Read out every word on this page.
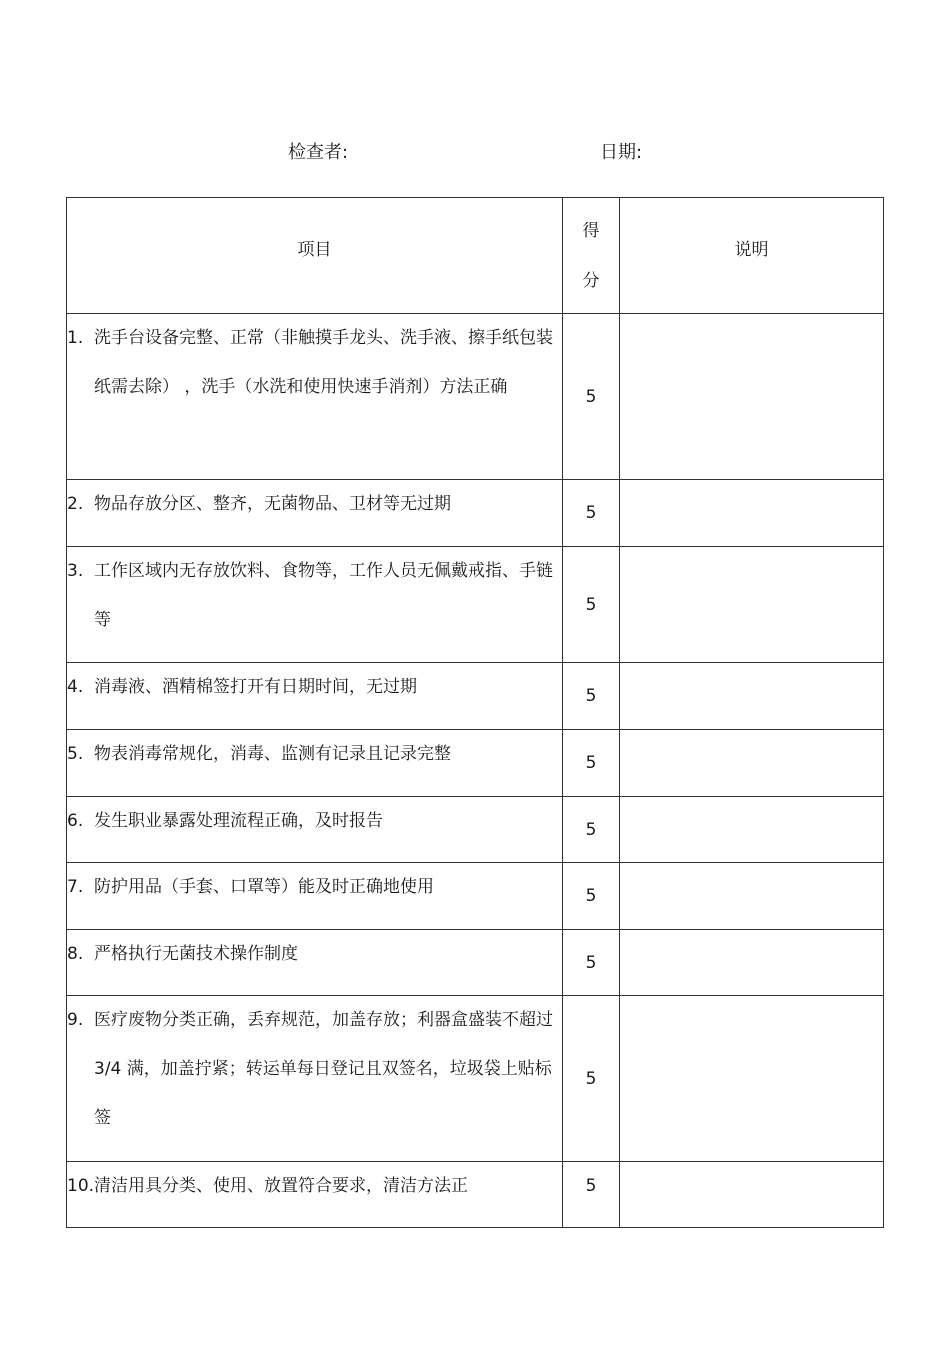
检查者:	日期:
项目	得分	说明

1. 洗手台设备完整、正常（非触摸手龙头、洗手液、擦手纸包装纸需去除） ，洗手（水洗和使用快速手消剂）方法正确	5	

2. 物品存放分区、整齐，无菌物品、卫材等无过期	5	

3. 工作区域内无存放饮料、食物等，工作人员无佩戴戒指、手链等	5	

4. 消毒液、酒精棉签打开有日期时间，无过期	5	

5. 物表消毒常规化，消毒、监测有记录且记录完整	5	

6. 发生职业暴露处理流程正确，及时报告	5	

7. 防护用品（手套、口罩等）能及时正确地使用	5	

8. 严格执行无菌技术操作制度	5	

9. 医疗废物分类正确，丢弃规范，加盖存放；利器盒盛装不超过 3/4 满，加盖拧紧；转运单每日登记且双签名，垃圾袋上贴标签	5	

10. 清洁用具分类、使用、放置符合要求，清洁方法正	5	
